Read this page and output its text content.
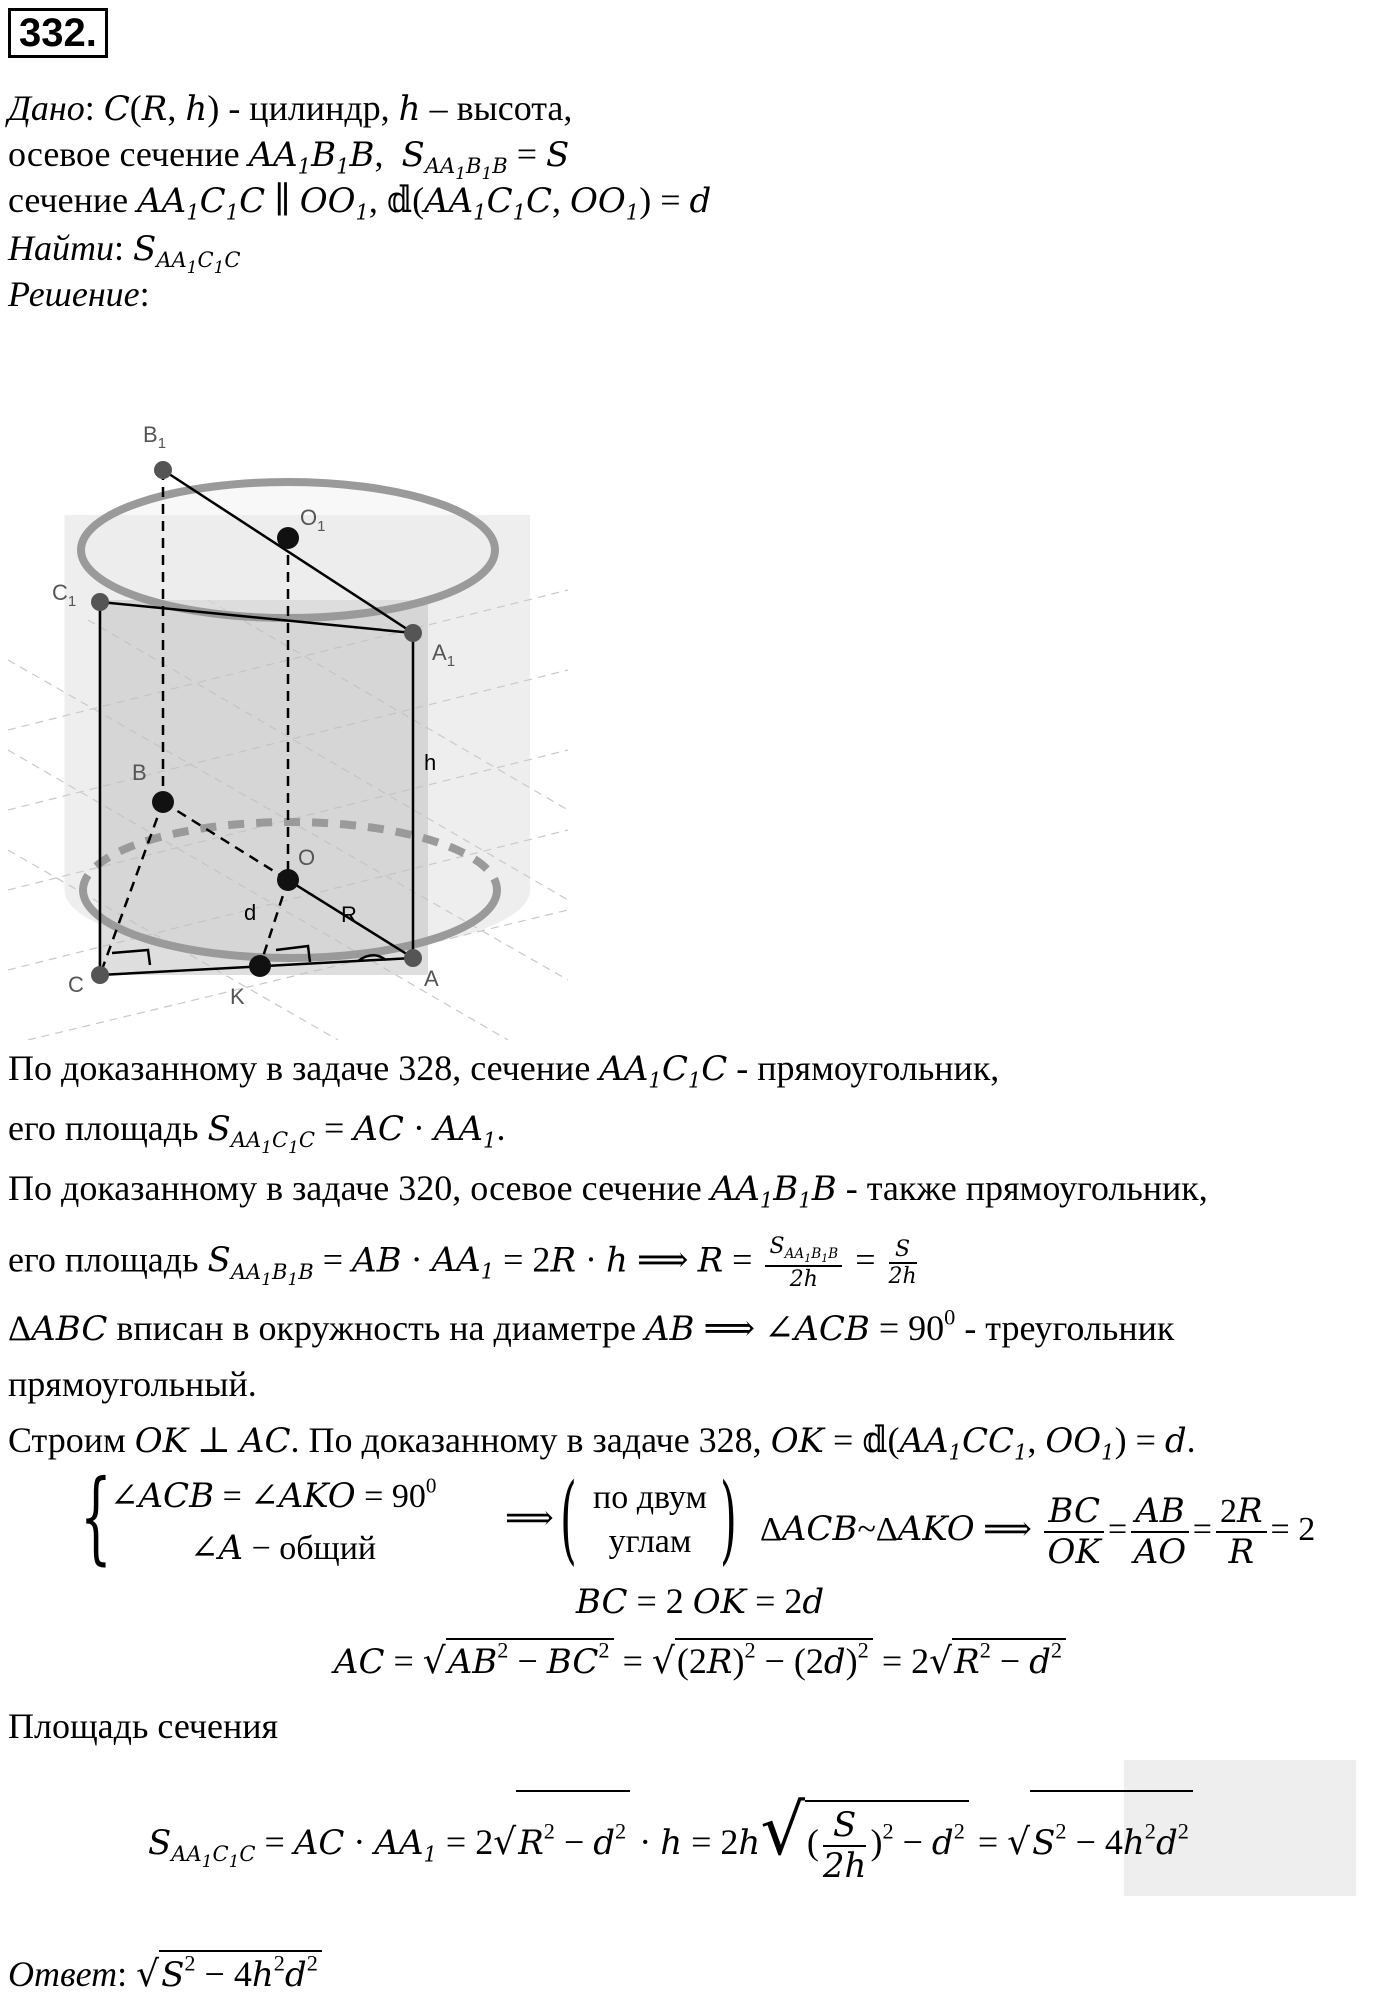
332.
Дано: C(R, h) - цилиндр, h – высота,
осевое сечение $AA_1B_1B$,  $S_{AA_1B_1B} = S$
сечение $AA_1C_1C$ ∥ $OO_1$, $𝕕(AA_1C_1C$, $OO_1) = d$
Найти: $S_{AA_1C_1C}$
Решение:
$B_1$
$O_1$
$C_1$
$A_1$
h
B
O
d	R
C	K
A
По доказанному в задаче 328, сечение $AA_1C_1C$ - прямоугольник,
его площадь $S_{AA_1C_1C}$ = AC · $AA_1$.
По доказанному в задаче 320, осевое сечение $AA_1B_1B$ - также прямоугольник,
его площадь $S_{AA_1B_1B}$ = AB · $AA_1 = 2R \cdot h$ ⟹ $R = \frac{S_{AA_1B_1B}}{2h} = \frac{S}{2h}$
ΔABC вписан в окружность на диаметре AB ⟹ ∠ACB = $90^0$ - треугольник
прямоугольный.
Строим OK ⊥ AC. По доказанному в задаче 328, OK = $𝕕(AA_1CC_1$, $OO_1) = d$.
{
∠ACB = ∠AKO = $90^0$
∠A − общий
⟹ ( по двум
углам ) ΔACB~ΔAKO ⟹ $\frac{BC}{OK} = \frac{AB}{AO} = \frac{2R}{R} = 2$
BC = 2 OK = 2d
AC = $√AB^2 - BC^2 = √(2R)^2 - (2d)^2 = 2√R^2 - d^2$
Площадь сечения
$S_{AA_1C_1C}$ = AC · $AA_1 = 2√R^2 - d^2 \cdot h = 2h√( \frac{S}{2h} )^2 - d^2 = √S^2 - 4h^2d^2$
Ответ: $√S^2 - 4h^2d^2$
